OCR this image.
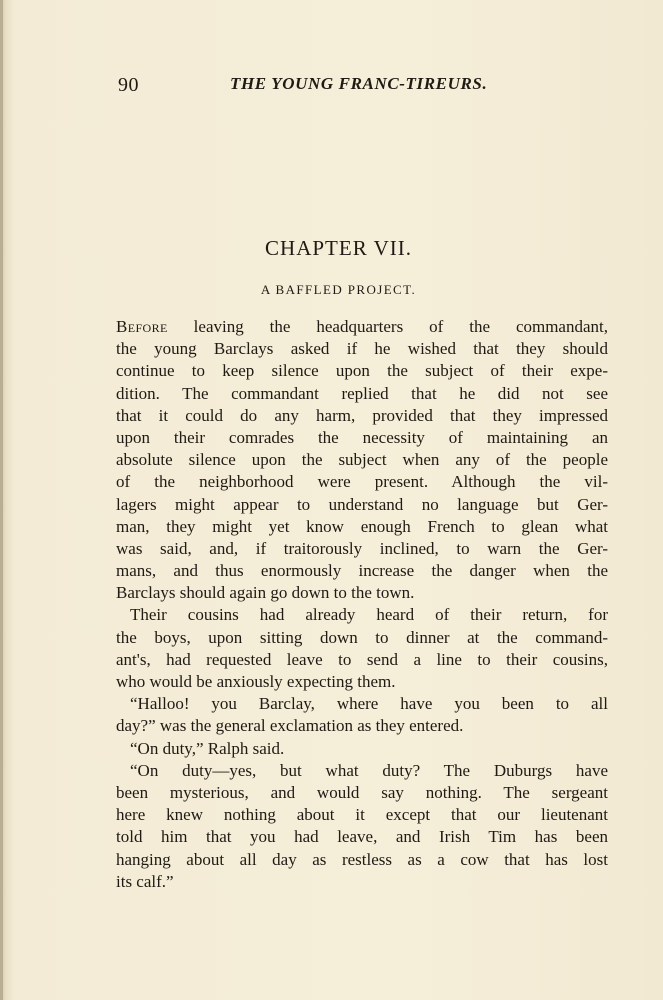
90	THE YOUNG FRANC-TIREURS.
CHAPTER VII.
A BAFFLED PROJECT.
Before leaving the headquarters of the commandant,
the young Barclays asked if he wished that they should
continue to keep silence upon the subject of their expe-
dition. The commandant replied that he did not see
that it could do any harm, provided that they impressed
upon their comrades the necessity of maintaining an
absolute silence upon the subject when any of the people
of the neighborhood were present. Although the vil-
lagers might appear to understand no language but Ger-
man, they might yet know enough French to glean what
was said, and, if traitorously inclined, to warn the Ger-
mans, and thus enormously increase the danger when the
Barclays should again go down to the town.
Their cousins had already heard of their return, for
the boys, upon sitting down to dinner at the command-
ant's, had requested leave to send a line to their cousins,
who would be anxiously expecting them.
“Halloo! you Barclay, where have you been to all
day?” was the general exclamation as they entered.
“On duty,” Ralph said.
“On duty—yes, but what duty? The Duburgs have
been mysterious, and would say nothing. The sergeant
here knew nothing about it except that our lieutenant
told him that you had leave, and Irish Tim has been
hanging about all day as restless as a cow that has lost
its calf.”
